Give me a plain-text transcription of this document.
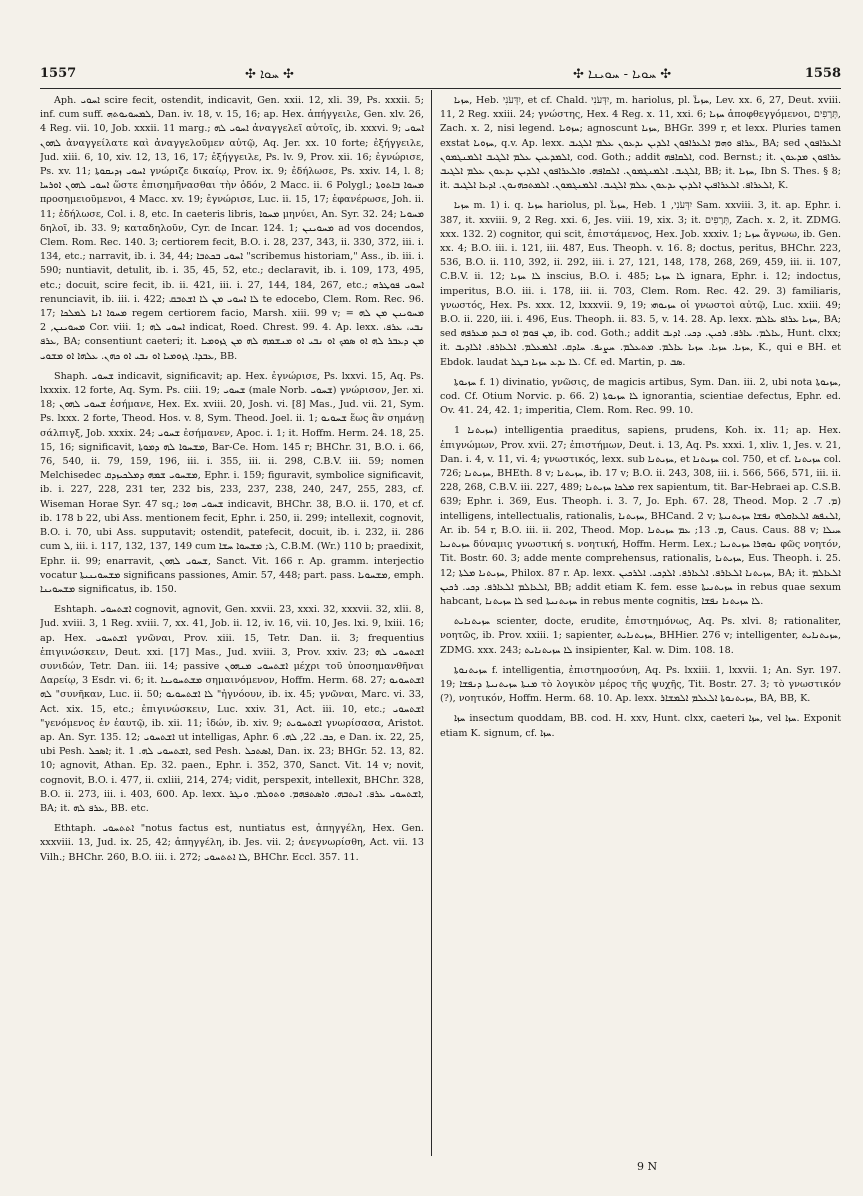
1557	✣ ܚܘܐ ✣	✣ ܚܘܝܐ - ܚܘܝܢܐ ✣	1558

Aph. ܐܚܘܝ scire fecit, ostendit, indicavit, Gen. xxii. 12, xli. 39, Ps. xxxii. 5; inf. cum suff. ܠܡܚܘܝܘܬܗ, Dan. iv. 18, v. 15, 16; ap. Hex. ἀπήγγειλε, Gen. xlv. 26, 4 Reg. vii. 10, Job. xxxii. 11 marg.; ܐܚܘܝ ܠܗ ἀναγγελεῖ αὐτοῖς, ib. xxxvi. 9; ܐܚܘܝ ܠܗܘܢ ἀναγγείλατε καὶ ἀναγγελοῦμεν αὐτῷ, Aq. Jer. xx. 10 forte; ἐξήγγειλε, Jud. xiii. 6, 10, xiv. 12, 13, 16, 17; ἐξήγγειλε, Ps. lv. 9, Prov. xii. 16; ἐγνώρισε, Ps. xv. 11; ܐܚܘܝ ܙܕܝܩܘܬܐ γνώριζε δικαίῳ, Prov. ix. 9; ἐδήλωσε, Ps. xxiv. 14, l. 8; ܐܚܘܝ ܠܗܘܢ ܐܘܪܚܐ ὥστε ἐπισημῆνασθαι τὴν ὁδόν, 2 Macc. ii. 6 Polygl.; ܡܚܘܐ ܒܐܬܘܬܐ προσημειοῦμενοι, 4 Macc. xv. 19; ἐγνώρισε, Luc. ii. 15, 17; ἐφανέρωσε, Joh. ii. 11; ἐδήλωσε, Col. i. 8, etc. In caeteris libris, ܡܚܘܐ μηνύει, An. Syr. 32. 24; ܡܚܘܝܐ δηλοῖ, ib. 33. 9; καταδηλοῦν, Cyr. de Incar. 124. 1; ܡܚܘܝܢܢ ad vos docendos, Clem. Rom. Rec. 140. 3; certiorem fecit, B.O. i. 28, 237, 343, ii. 330, 372, iii. i. 134, etc.; narravit, ib. i. 34, 44; ܐܚܘܝ ܒܟܬܒܐ "scribemus historiam," Ass., ib. iii. i. 590; nuntiavit, detulit, ib. i. 35, 45, 52, etc.; declaravit, ib. i. 109, 173, 495, etc.; docuit, scire fecit, ib. ii. 421, iii. i. 27, 144, 184, 267, etc.; ܐܚܘܝ ܦܘܛܪܗ renunciavit, ib. iii. i. 422; ܠܐ ܐܚܘܝ ܡܢ ܠܐ ܐܫܬܒܩ te edocebo, Clem. Rom. Rec. 96. 17; ܡܚܘܐ ܐܢܐ ܠܡܠܟܐ regem certiorem facio, Marsh. xiii. 99 v; ܡܚܘܝܢܢ ܡܢ ܠܗ = ܡܚܘܝܢܢ, 2 Cor. viii. 1; ܐܚܘܝ ܠܗ indicat, Roed. Chrest. 99. 4. Ap. lexx. ܢܒܝ، ܥܪܦ، ܥܪܦ, BA; consentiunt caeteri; it. ܡܢ ܕܥܒܪ ܠܗ ܐܘ ܣܡܟ ܐܘ ܢܒܝ ܐܘ ܡܢܫܡܗ ܠܗ ܡܢ ܓܙܘܡܝܐ ܥܒܕܐ. ܓܙܘܡܝܐ ܐܘ ܢܒܝ ܐܘ ܟܗܢ. ܥܠܗܐ ܐܘ ܡܫܘܝ, BB.

Shaph. ܫܚܘܝ indicavit, significavit; ap. Hex. ἐγνώρισε, Ps. lxxvi. 15, Aq. Ps. lxxxix. 12 forte, Aq. Sym. Ps. ciii. 19; ܫܚܘܝ (male Norb. ܫܚܘܝ) γνώρισον, Jer. xi. 18; ܫܚܘܝ ܠܗܘܢ ἐσήμανε, Hex. Ex. xviii. 20, Josh. vi. [8] Mas., Jud. vii. 21, Sym. Ps. lxxx. 2 forte, Theod. Hos. v. 8, Sym. Theod. Joel. ii. 1; ܫܚܘܝܘ ἕως ἂν σημάνῃ σάλπιγξ, Job. xxxix. 24; ܫܚܘܝ ἐσήμανεν, Apoc. i. 1; it. Hoffm. Herm. 24. 18, 25. 15, 16; significavit, ܡܫܚܘܐ ܠܗ ܕܡܘܬܐ, Bar-Ce. Hom. 145 r; BHChr. 31, B.O. i. 66, 76, 540, ii. 79, 159, 196, iii. i. 355, iii. ii. 298, C.B.V. iii. 59; nomen Melchisedec ܡܫܚܘܝ ܫܡܗ ܕܡܠܟܝܙܕܩ, Ephr. i. 159; figuravit, symbolice significavit, ib. i. 227, 228, 231 ter, 232 bis, 233, 237, 238, 240, 247, 255, 283, cf. Wiseman Horae Syr. 47 sq.; ܫܚܘܝ ܗܘܐ indicavit, BHChr. 38, B.O. ii. 170, et cf. ib. 178 b 22, ubi Ass. mentionem fecit, Ephr. i. 250, ii. 299; intellexit, cognovit, B.O. i. 70, ubi Ass. supputavit; ostendit, patefecit, docuit, ib. i. 232, ii. 286 cum ܠ, iii. i. 117, 132, 137, 149 cum ܠ; ܡܫܚܘܐ ܚܫܐ, C.B.M. (Wr.) 110 b; praedixit, Ephr. ii. 99; enarravit, ܫܚܘܝ ܠܗܘܢ, Sanct. Vit. 166 r. Ap. gramm. interjectio vocatur ܡܫܚܘܝܢܝܬܐ significans passiones, Amir. 57, 448; part. pass. ܡܫܚܘܝܐ, emph. ܡܫܚܘܝܢܐ significatus, ib. 150.

Eshtaph. ܐܫܬܚܘܝ cognovit, agnovit, Gen. xxvii. 23, xxxi. 32, xxxvii. 32, xlii. 8, Jud. xviii. 3, 1 Reg. xviii. 7, xx. 41, Job. ii. 12, iv. 16, vii. 10, Jes. lxi. 9, lxiii. 16; ap. Hex. ܐܫܬܚܘܝ γνῶναι, Prov. xiii. 15, Tetr. Dan. ii. 3; frequentius ἐπιγινώσκειν, Deut. xxi. [17] Mas., Jud. xviii. 3, Prov. xxiv. 23; ܐܫܬܚܘܝ ܠܗ συνιδών, Tetr. Dan. iii. 14; passive ܐܫܬܚܘܝ ܡܢܗܘܢ μέχρι τοῦ ὑποσημανθῆναι Δαρείῳ, 3 Esdr. vi. 6; it. ܡܫܬܚܘܝܢܐ σημαινόμενον, Hoffm. Herm. 68. 27; ܐܫܬܚܘܝܘ ܠܗ "συνῆκαν, Luc. ii. 50; ܠܐ ܐܫܬܚܘܝܘ "ἠγνόουν, ib. ix. 45; γνῶναι, Marc. vi. 33, Act. xix. 15, etc.; ἐπιγινώσκειν, Luc. xxiv. 31, Act. iii. 10, etc.; ܐܫܬܚܘܝ "γενόμενος ἐν ἑαυτῷ, ib. xii. 11; ἰδών, ib. xiv. 9; ܐܫܬܚܘܝܬ γνωρίσασα, Aristot. ap. An. Syr. 135. 12; ܐܫܬܚܘܝ ut intelligas, Aphr. ܟܒ. 22, ܠܗ. 6, e Dan. ix. 22, 25, ubi Pesh. ܐܣܟܠ; it. ܐܫܬܚܘܝ ܠܗ. 1, sed Pesh. ܐܣܬܟܠ, Dan. ix. 23; BHGr. 52. 13, 82. 10; agnovit, Athan. Ep. 32. paen., Ephr. i. 352, 370, Sanct. Vit. 14 v; novit, cognovit, B.O. i. 477, ii. cxliii, 214, 274; vidit, perspexit, intellexit, BHChr. 328, B.O. ii. 273, iii. i. 403, 600. Ap. lexx. ܐܫܬܚܘܝ ܥܪܦ. ܐܢܬܒܗ. ܘܐܣܬܦܗܡ. ܘܬܘܠܡ. ܘܢܓܪ, BA; it. ܥܪܦ ܠܗ, BB. etc.

Ethtaph. ܐܬܬܚܘܝ "notus factus est, nuntiatus est, ἀπηγγέλη, Hex. Gen. xxxviii. 13, Jud. ix. 25, 42; ἀπηγγέλη, ib. Jes. vii. 2; ἀνεγνωρίσθη, Act. vii. 13 Vilh.; BHChr. 260, B.O. iii. i. 272; ܠܐ ܐܬܬܚܘܝ, BHChr. Eccl. 357. 11.

ܚܙܝܐ, Heb. יִדְּעֹנִי, et cf. Chald. יִדְּעֹנִי, m. hariolus, pl. ܚܙܝܐ̈, Lev. xx. 6, 27, Deut. xviii. 11, 2 Reg. xxiii. 24; γνώστης, Hex. 4 Reg. x. 11, xxi. 6; ܚܙܝܐ ἀποφθεγγόμενοι, תְּרָפִים, Zach. x. 2, nisi legend. ܚܙܘܝܐ; agnoscunt ܚܙܝܐ, BHGr. 399 r, et lexx. Pluries tamen exstat ܚܙܘܝܐ, q.v. Ap. lexx. ܥܪܐܦ ܘܗܡ ܐܠܥܪܐܦܘܢ ܐܠܕܝܢ ܝܕܥܘܢ ܥܠܡ ܐܠܓܝܒ, BA; sed ܐܠܥܪܐܦܘܢ ܐܠܡܕܥܝܢ ܥܠܡ ܐܠܓܝܒ ܐܠܡܢܓܡܘܢ, cod. Goth.; addit ܐܠܩܐܦܗ, cod. Bernst.; it. ܥܪܐܦܘܢ ܡܕܥܘܢ ܐܠܓܝܒ. ܐܠܡܢܓܡܘܢ. ܐܠܩܐܦܗ. ܘܐܠܥܪܐܦܘܢ ܐܠܕܝܢ ܝܕܥܘܢ ܥܠܡ ܐܠܓܝܒ, BB; it. ܚܙܝܐ, Ibn S. Thes. § 8; it. ܐܠܥܪܐܦ. ܐܠܥܪܐܦܝܢ ܐܠܕܝܢ ܝܕܥܘܢ ܥܠܡ ܐܠܓܝܒ. ܐܠܡܢܓܡܘܢ. ܐܠܡܬܟܗܢܘܢ. ܐܕܥܐ ܐܠܓܝܒ, K.

ܚܙܝܐ m. 1) i. q. ܚܙܝܐ hariolus, pl. ܚܙܝܐ̈, Heb. יִדְּעֹנִי, 1 Sam. xxviii. 3, it. ap. Ephr. i. 387, it. xxviii. 9, 2 Reg. xxi. 6, Jes. viii. 19, xix. 3; it. תְּרָפִים, Zach. x. 2, it. ZDMG. xxx. 132. 2) cognitor, qui scit, ἐπιστάμενος, Hex. Job. xxxiv. 1; ܚܙܝܐ ἄγνωω, ib. Gen. xx. 4; B.O. iii. i. 121, iii. 487, Eus. Theoph. v. 16. 8; doctus, peritus, BHChr. 223, 536, B.O. ii. 110, 392, ii. 292, iii. i. 27, 121, 148, 178, 268, 269, 459, iii. ii. 107, C.B.V. ii. 12; ܠܐ ܚܙܝܐ inscius, B.O. i. 485; ܠܐ ܚܙܝܐ ignara, Ephr. i. 12; indoctus, imperitus, B.O. iii. i. 178, iii. ii. 703, Clem. Rom. Rec. 42. 29. 3) familiaris, γνωστός, Hex. Ps. xxx. 12, lxxxvii. 9, 19; ܚܙܝܘܗܝ οἱ γνωστοὶ αὐτῷ, Luc. xxiii. 49; B.O. ii. 220, iii. i. 496, Eus. Theoph. ii. 83. 5, v. 14. 28. Ap. lexx. ܚܙܝܐ ܥܪܐܦ ܥܐܠܡ, BA; sed ܡܢ ܦܘܡ ܐܘ ܒܥܕ ܡܥܪܦܗ, ib. cod. Goth.; addit ܥܐܠܡ. ܥܐܪܦ. ܪܟܝܢ. ܕܟܝ. ܐܕܝܒ, Hunt. clxx; it. ܚܙܝܐ. ܚܙܝܐ. ܚܙܝܐ ܥܐܠܡ. ܡܬܥܠܡ. ܚܨܝܦ. ܚܐܕܩ. ܐܠܡܥܠܡ. ܐܠܥܐܪܦ. ܐܠܐܕܝܒ, K., qui e BH. et Ebdok. laudat ܠܐ ܝܕܥ ܚܙܝܐ ܒܛܠ. Cf. ed. Martin, p. ܣܒ.

ܚܙܝܘܬܐ f. 1) divinatio, γνῶσις, de magicis artibus, Sym. Dan. iii. 2, ubi nota ܚܙܝܘܬܐ, cod. Cf. Otium Norvic. p. 66. 2) ܠܐ ܚܙܝܘܬܐ ignorantia, scientiae defectus, Ephr. ed. Ov. 41. 24, 42. 1; imperitia, Clem. Rom. Rec. 99. 10.

ܚܙܝܬܢܐ 1) intelligentia praeditus, sapiens, prudens, Koh. ix. 11; ap. Hex. ἐπιγνώμων, Prov. xvii. 27; ἐπιστήμων, Deut. i. 13, Aq. Ps. xxxi. 1, xliv. 1, Jes. v. 21, Dan. i. 4, v. 11, vi. 4; γνωστικός, lexx. sub ܚܙܝܬܢܐ, et ܚܙܝܬܢܐ col. 750, et cf. ܚܙܝܬܢܐ col. 726; ܚܙܝܬܢܐ, BHEth. 8 v; ܚܙܝܬܢܐ, ib. 17 v; B.O. ii. 243, 308, iii. i. 566, 566, 571, iii. ii. 228, 268, C.B.V. iii. 227, 489; ܡܠܟܐ ܚܙܝܬܢܐ rex sapientum, tit. Bar-Hebraei ap. C.S.B. 639; Ephr. i. 369, Eus. Theoph. i. 3. 7, Jo. Eph. 67. 28, Theod. Mop. ܡ. 7. 2) intelligens, intellectualis, rationalis, ܚܙܝܬܢܐ, BHCand. 2 v; ܐܠܢܦܣ ܐܠܥܐܩܠܗ ܢܦܫܐ ܚܙܝܬܢܝܬܐ, Ar. ib. 54 r, B.O. iii. ii. 202, Theod. Mop. ܡ. 13; ܥܡ ܚܙܝܬܢܐ, Caus. Caus. 88 v; ܚܝܠܐ ܚܙܝܬܢܝܐ δύναμις γνωστική s. νοητική, Hoffm. Herm. Lex.; ܢܘܗܪܐ ܚܙܝܬܢܝܐ φῶς νοητόν, Tit. Bostr. 60. 3; adde mente comprehensus, rationalis, ܚܙܝܬܢܐ, Eus. Theoph. i. 25. 12; ܚܙܝܬܢܐ ܡܠܬܐ, Philox. 87 r. Ap. lexx. ܚܙܝܬܢܐ ܐܠܥܐܪܦ. ܐܠܥܐܪܦ. ܐܠܕܟܝ. ܐܠܪܟܝܢ, BA; it. ܐܠܥܐܠܡ ܐܠܥܐܠܡ ܐܠܥܐܪܦ. ܕܟܝ. ܪܟܝܢ, BB; addit etiam K. fem. esse ܚܙܝܬܢܝܬܐ in rebus quae sexum habcant, ܠܐ ܚܙܝܬܢܐ sed ܚܙܝܬܢܝܬܐ in rebus mente cognitis, ܠܐ ܚܙܝܬܢܐ ܢܦܫܐ.

ܚܙܝܬܢܐܝܬ scienter, docte, erudite, ἐπιστημόνως, Aq. Ps. xlvi. 8; rationaliter, νοητῶς, ib. Prov. xxiii. 1; sapienter, ܚܙܝܬܢܐܝܬ, BHHier. 276 v; intelligenter, ܚܙܝܬܢܐܝܬ, ZDMG. xxx. 243; ܠܐ ܚܙܝܬܢܐܝܬ insipienter, Kal. w. Dim. 108. 18.

ܚܙܝܬܢܘܬܐ f. intelligentia, ἐπιστημοσύνη, Aq. Ps. lxxiii. 1, lxxvii. 1; An. Syr. 197. 19; ܡܢܬܐ ܚܙܝܬܢܝܬܐ ܕܢܦܫܐ τὸ λογικὸν μέρος τῆς ψυχῆς, Tit. Bostr. 27. 3; τὸ γνωστικόν (?), νοητικόν, Hoffm. Herm. 68. 10. Ap. lexx. ܚܙܝܬܢܘܬܐ ܐܠܥܠܡ ܐܠܡܫܐܪ, BA, BB, K.

ܚܙܐ insectum quoddam, BB. cod. H. xxv, Hunt. clxx, caeteri ܚܙܐ, vel ܚܙܐ. Exponit etiam K. signum, cf. ܚܙܐ.

9 N
